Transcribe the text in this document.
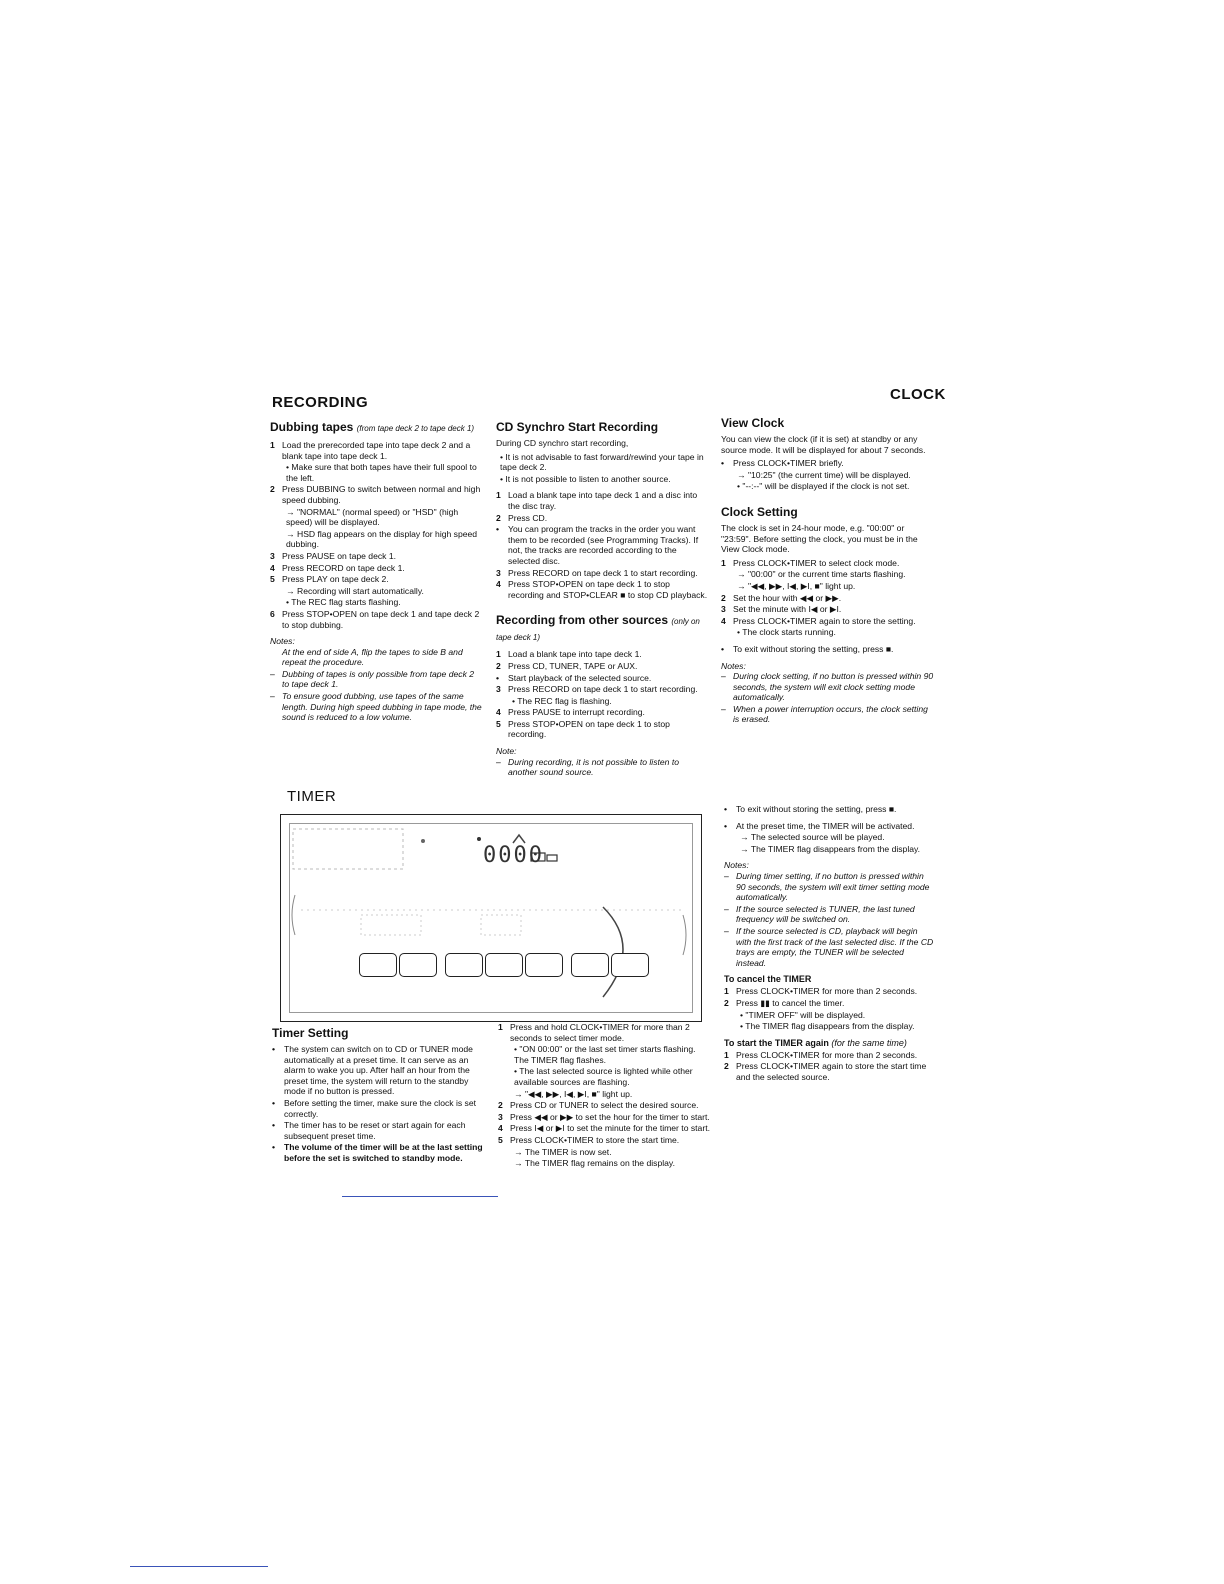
RECORDING	CLOCK
TIMER
Dubbing tapes (from tape deck 2 to tape deck 1)
1 Load the prerecorded tape into tape deck 2 and a blank tape into tape deck 1.
• Make sure that both tapes have their full spool to the left.
2 Press DUBBING to switch between normal and high speed dubbing.
→ "NORMAL" (normal speed) or "HSD" (high speed) will be displayed.
→ HSD flag appears on the display for high speed dubbing.
3 Press PAUSE on tape deck 1.
4 Press RECORD on tape deck 1.
5 Press PLAY on tape deck 2.
→ Recording will start automatically.
• The REC flag starts flashing.
6 Press STOP•OPEN on tape deck 1 and tape deck 2 to stop dubbing.
Notes:
At the end of side A, flip the tapes to side B and repeat the procedure.
– Dubbing of tapes is only possible from tape deck 2 to tape deck 1.
– To ensure good dubbing, use tapes of the same length. During high speed dubbing in tape mode, the sound is reduced to a low volume.
CD Synchro Start Recording

During CD synchro start recording,

• It is not advisable to fast forward/rewind your tape in tape deck 2.
• It is not possible to listen to another source.
1 Load a blank tape into tape deck 1 and a disc into the disc tray.
2 Press CD.
•	You can program the tracks in the order you want them to be recorded (see Programming Tracks). If not, the tracks are recorded according to the selected disc.
3 Press RECORD on tape deck 1 to start recording.
4 Press STOP•OPEN on tape deck 1 to stop recording and STOP•CLEAR ■ to stop CD playback.
Recording from other sources (only on tape deck 1)
1 Load a blank tape into tape deck 1.
2 Press CD, TUNER, TAPE or AUX.
•	Start playback of the selected source.
3 Press RECORD on tape deck 1 to start recording.
• The REC flag is flashing.
4 Press PAUSE to interrupt recording.
5 Press STOP•OPEN on tape deck 1 to stop recording.
Note:
– During recording, it is not possible to listen to another sound source.
View Clock

You can view the clock (if it is set) at standby or any source mode. It will be displayed for about 7 seconds.

•	Press CLOCK•TIMER briefly.
→ "10:25" (the current time) will be displayed.
• "--:--" will be displayed if the clock is not set.
Clock Setting

The clock is set in 24-hour mode, e.g. "00:00" or "23:59". Before setting the clock, you must be in the View Clock mode.

1 Press CLOCK•TIMER to select clock mode.
→ "00:00" or the current time starts flashing.
→ "◀◀, ▶▶, I◀, ▶I, ■" light up.
2 Set the hour with ◀◀ or ▶▶.
3 Set the minute with I◀ or ▶I.
4 Press CLOCK•TIMER again to store the setting.
• The clock starts running.
•	To exit without storing the setting, press ■.
Notes:
– During clock setting, if no button is pressed within 90 seconds, the system will exit clock setting mode automatically.
– When a power interruption occurs, the clock setting is erased.
0000
Timer Setting
•	The system can switch on to CD or TUNER mode automatically at a preset time. It can serve as an alarm to wake you up. After half an hour from the preset time, the system will return to the standby mode if no button is pressed.
•	Before setting the timer, make sure the clock is set correctly.
•	The timer has to be reset or start again for each subsequent preset time.
•	The volume of the timer will be at the last setting before the set is switched to standby mode.
1 Press and hold CLOCK•TIMER for more than 2 seconds to select timer mode.
• "ON 00:00" or the last set timer starts flashing. The TIMER flag flashes.
• The last selected source is lighted while other available sources are flashing.
→ "◀◀, ▶▶, I◀, ▶I, ■" light up.
2 Press CD or TUNER to select the desired source.
3 Press ◀◀ or ▶▶ to set the hour for the timer to start.
4 Press I◀ or ▶I to set the minute for the timer to start.
5 Press CLOCK•TIMER to store the start time.
→ The TIMER is now set.
→ The TIMER flag remains on the display.
•	To exit without storing the setting, press ■.
•	At the preset time, the TIMER will be activated.
→ The selected source will be played.
→ The TIMER flag disappears from the display.
Notes:
– During timer setting, if no button is pressed within 90 seconds, the system will exit timer setting mode automatically.
– If the source selected is TUNER, the last tuned frequency will be switched on.
– If the source selected is CD, playback will begin with the first track of the last selected disc. If the CD trays are empty, the TUNER will be selected instead.
To cancel the TIMER
1 Press CLOCK•TIMER for more than 2 seconds.
2 Press ▮▮ to cancel the timer.
• "TIMER OFF" will be displayed.
• The TIMER flag disappears from the display.
To start the TIMER again (for the same time)
1 Press CLOCK•TIMER for more than 2 seconds.
2 Press CLOCK•TIMER again to store the start time and the selected source.
